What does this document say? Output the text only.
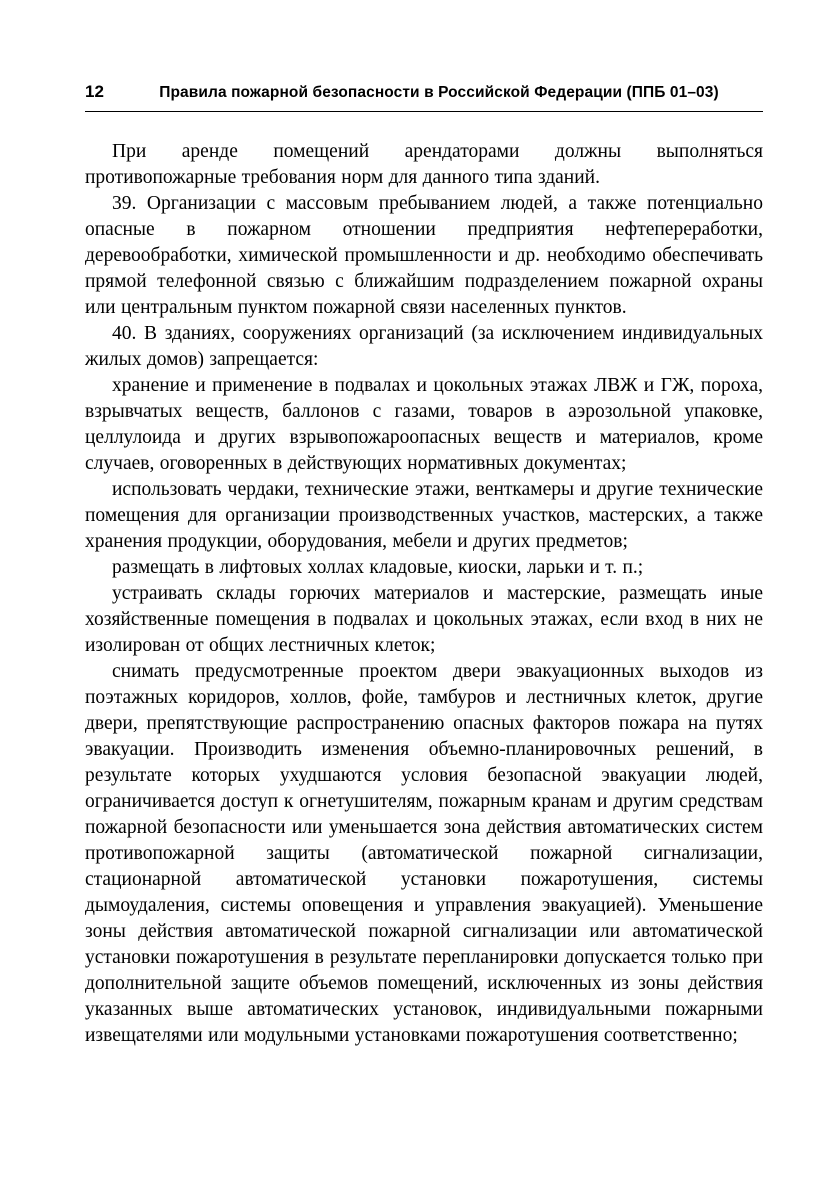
12	Правила пожарной безопасности в Российской Федерации (ППБ 01–03)

При аренде помещений арендаторами должны выполняться противопожарные требования норм для данного типа зданий.

39. Организации с массовым пребыванием людей, а также потенциально опасные в пожарном отношении предприятия нефтепереработки, деревообработки, химической промышленности и др. необходимо обеспечивать прямой телефонной связью с ближайшим подразделением пожарной охраны или центральным пунктом пожарной связи населенных пунктов.

40. В зданиях, сооружениях организаций (за исключением индивидуальных жилых домов) запрещается:

хранение и применение в подвалах и цокольных этажах ЛВЖ и ГЖ, пороха, взрывчатых веществ, баллонов с газами, товаров в аэрозольной упаковке, целлулоида и других взрывопожароопасных веществ и материалов, кроме случаев, оговоренных в действующих нормативных документах;

использовать чердаки, технические этажи, венткамеры и другие технические помещения для организации производственных участков, мастерских, а также хранения продукции, оборудования, мебели и других предметов;

размещать в лифтовых холлах кладовые, киоски, ларьки и т. п.;

устраивать склады горючих материалов и мастерские, размещать иные хозяйственные помещения в подвалах и цокольных этажах, если вход в них не изолирован от общих лестничных клеток;

снимать предусмотренные проектом двери эвакуационных выходов из поэтажных коридоров, холлов, фойе, тамбуров и лестничных клеток, другие двери, препятствующие распространению опасных факторов пожара на путях эвакуации. Производить изменения объемно-планировочных решений, в результате которых ухудшаются условия безопасной эвакуации людей, ограничивается доступ к огнетушителям, пожарным кранам и другим средствам пожарной безопасности или уменьшается зона действия автоматических систем противопожарной защиты (автоматической пожарной сигнализации, стационарной автоматической установки пожаротушения, системы дымоудаления, системы оповещения и управления эвакуацией). Уменьшение зоны действия автоматической пожарной сигнализации или автоматической установки пожаротушения в результате перепланировки допускается только при дополнительной защите объемов помещений, исключенных из зоны действия указанных выше автоматических установок, индивидуальными пожарными извещателями или модульными установками пожаротушения соответственно;
